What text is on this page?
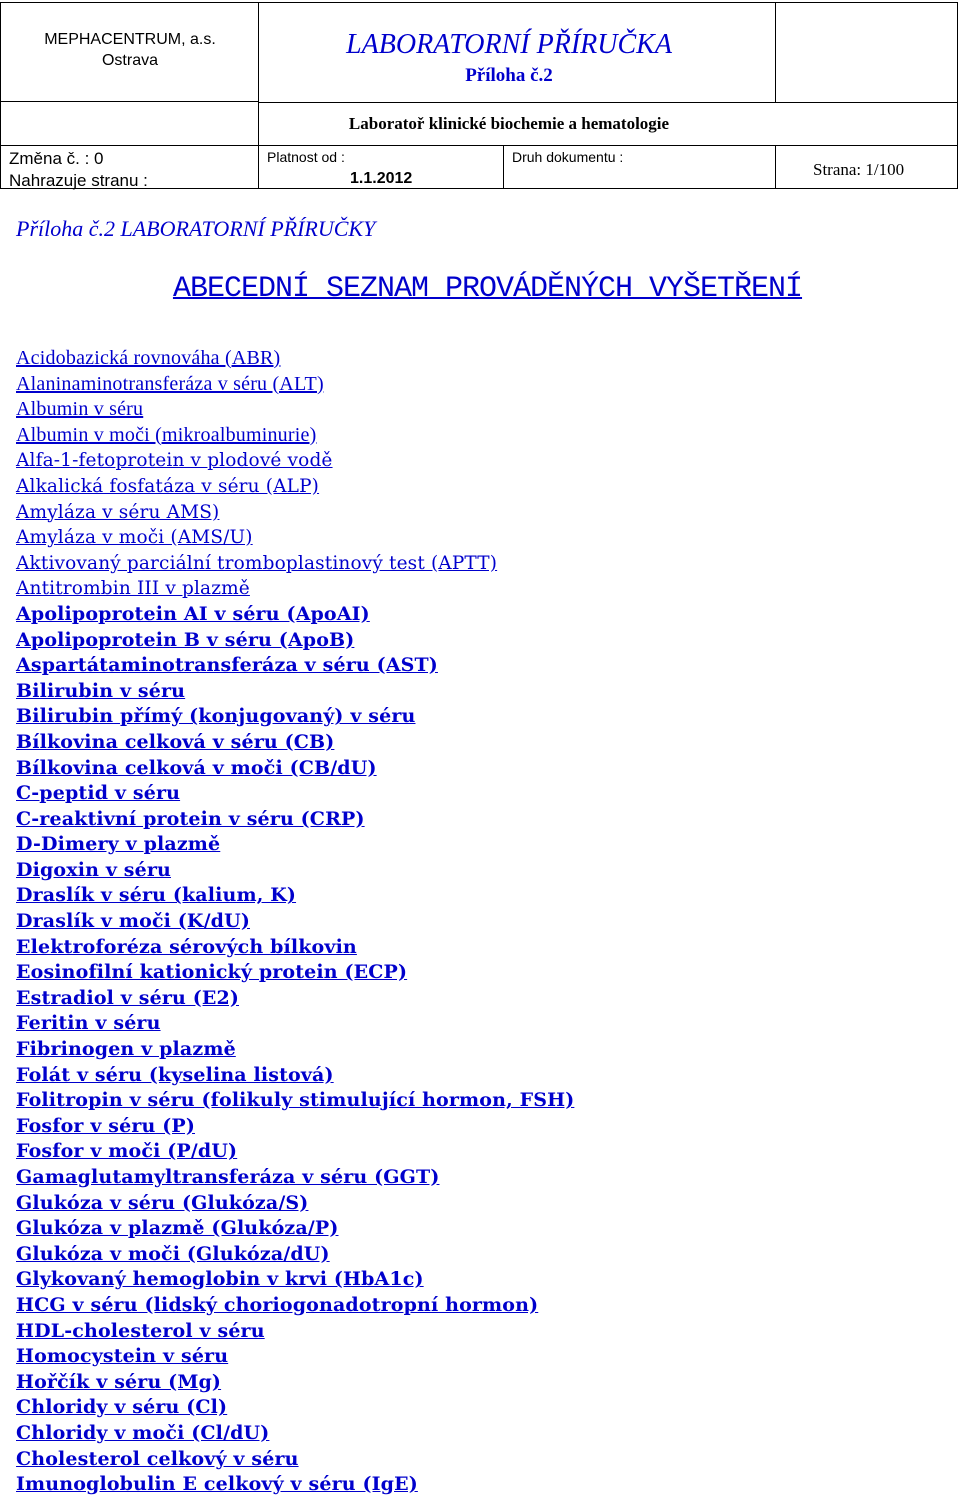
MEPHACENTRUM, a.s.
Ostrava
LABORATORNÍ PŘÍRUČKA
Příloha č.2
Laboratoř klinické biochemie a hematologie
Změna č. : 0
Nahrazuje stranu :
Platnost od :
1.1.2012
Druh dokumentu :
Strana: 1/100
Příloha č.2 LABORATORNÍ PŘÍRUČKY
ABECEDNÍ SEZNAM PROVÁDĚNÝCH VYŠETŘENÍ
Acidobazická rovnováha (ABR)
Alaninaminotransferáza v séru (ALT)
Albumin v séru
Albumin v moči (mikroalbuminurie)
Alfa-1-fetoprotein v plodové vodě
Alkalická fosfatáza v séru (ALP)
Amyláza v séru AMS)
Amyláza v moči (AMS/U)
Aktivovaný parciální tromboplastinový test (APTT)
Antitrombin III v plazmě
Apolipoprotein AI v séru (ApoAI)
Apolipoprotein B v séru (ApoB)
Aspartátaminotransferáza v séru (AST)
Bilirubin v séru
Bilirubin přímý (konjugovaný) v séru
Bílkovina celková v séru (CB)
Bílkovina celková v moči (CB/dU)
C-peptid v séru
C-reaktivní protein v séru (CRP)
D-Dimery v plazmě
Digoxin v séru
Draslík v séru (kalium, K)
Draslík v moči (K/dU)
Elektroforéza sérových bílkovin
Eosinofilní kationický protein (ECP)
Estradiol v séru (E2)
Feritin v séru
Fibrinogen v plazmě
Folát v séru (kyselina listová)
Folitropin v séru (folikuly stimulující hormon, FSH)
Fosfor v séru (P)
Fosfor v moči (P/dU)
Gamaglutamyltransferáza v séru (GGT)
Glukóza v séru (Glukóza/S)
Glukóza v plazmě (Glukóza/P)
Glukóza v moči (Glukóza/dU)
Glykovaný hemoglobin v krvi (HbA1c)
HCG v séru (lidský choriogonadotropní hormon)
HDL-cholesterol v séru
Homocystein v séru
Hořčík v séru (Mg)
Chloridy v séru (Cl)
Chloridy v moči (Cl/dU)
Cholesterol celkový v séru
Imunoglobulin E celkový v séru (IgE)
